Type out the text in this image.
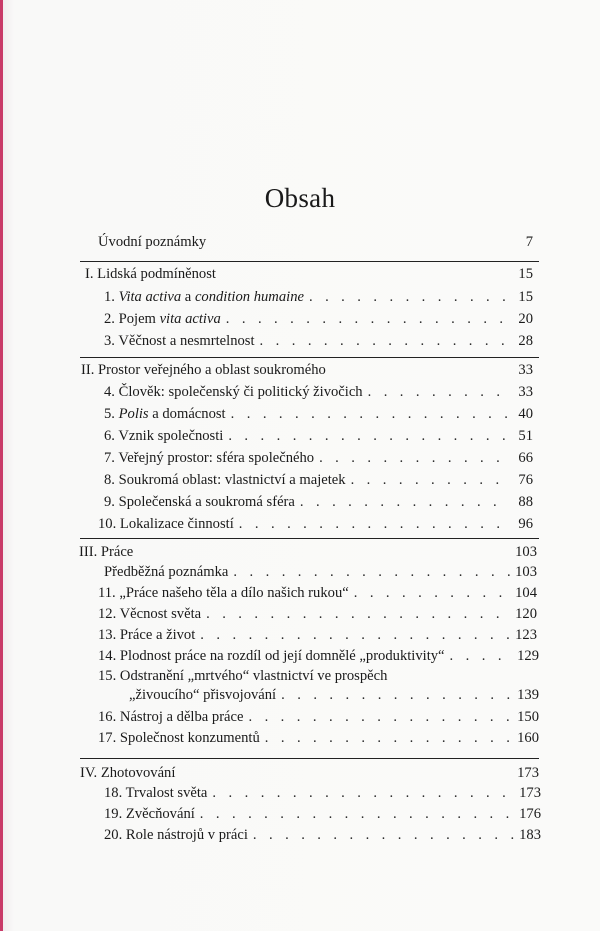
Obsah
Úvodní poznámky	7
I. Lidská podmíněnost	15
1. Vita activa a condition humaine . . .	15
2. Pojem vita activa . . .	20
3. Věčnost a nesmrtelnost . . .	28
II. Prostor veřejného a oblast soukromého	33
4. Člověk: společenský či politický živočich . . .	33
5. Polis a domácnost . . .	40
6. Vznik společnosti . . .	51
7. Veřejný prostor: sféra společného . . .	66
8. Soukromá oblast: vlastnictví a majetek . . .	76
9. Společenská a soukromá sféra . . .	88
10. Lokalizace činností . . .	96
III. Práce	103
Předběžná poznámka . . .	103
11. „Práce našeho těla a dílo našich rukou“ . . .	104
12. Věcnost světa . . .	120
13. Práce a život . . .	123
14. Plodnost práce na rozdíl od její domnělé „produktivity“ . . .	129
15. Odstranění „mrtvého“ vlastnictví ve prospěch
„živoucího“ přisvojování . . .	139
16. Nástroj a dělba práce . . .	150
17. Společnost konzumentů . . .	160
IV. Zhotovování	173
18. Trvalost světa . . .	173
19. Zvěcňování . . .	176
20. Role nástrojů v práci . . .	183
